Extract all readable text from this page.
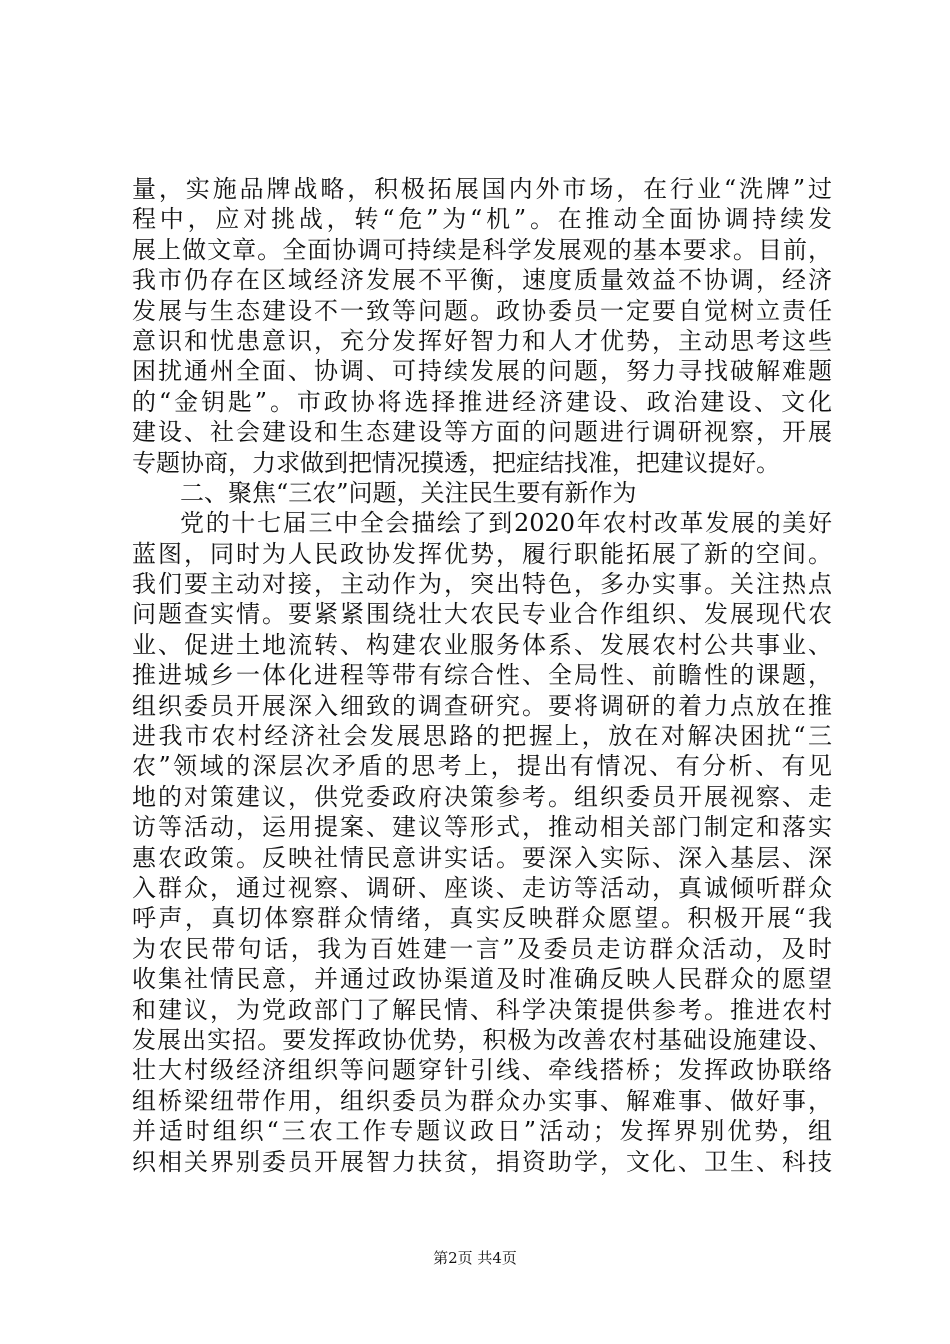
量，实施品牌战略，积极拓展国内外市场，在行业“洗牌”过
程中，应对挑战，转“危”为“机”。在推动全面协调持续发
展上做文章。全面协调可持续是科学发展观的基本要求。目前，
我市仍存在区域经济发展不平衡，速度质量效益不协调，经济
发展与生态建设不一致等问题。政协委员一定要自觉树立责任
意识和忧患意识，充分发挥好智力和人才优势，主动思考这些
困扰通州全面、协调、可持续发展的问题，努力寻找破解难题
的“金钥匙”。市政协将选择推进经济建设、政治建设、文化
建设、社会建设和生态建设等方面的问题进行调研视察，开展
专题协商，力求做到把情况摸透，把症结找准，把建议提好。
二、聚焦“三农”问题，关注民生要有新作为
党的十七届三中全会描绘了到2020年农村改革发展的美好
蓝图，同时为人民政协发挥优势，履行职能拓展了新的空间。
我们要主动对接，主动作为，突出特色，多办实事。关注热点
问题查实情。要紧紧围绕壮大农民专业合作组织、发展现代农
业、促进土地流转、构建农业服务体系、发展农村公共事业、
推进城乡一体化进程等带有综合性、全局性、前瞻性的课题，
组织委员开展深入细致的调查研究。要将调研的着力点放在推
进我市农村经济社会发展思路的把握上，放在对解决困扰“三
农”领域的深层次矛盾的思考上，提出有情况、有分析、有见
地的对策建议，供党委政府决策参考。组织委员开展视察、走
访等活动，运用提案、建议等形式，推动相关部门制定和落实
惠农政策。反映社情民意讲实话。要深入实际、深入基层、深
入群众，通过视察、调研、座谈、走访等活动，真诚倾听群众
呼声，真切体察群众情绪，真实反映群众愿望。积极开展“我
为农民带句话，我为百姓建一言”及委员走访群众活动，及时
收集社情民意，并通过政协渠道及时准确反映人民群众的愿望
和建议，为党政部门了解民情、科学决策提供参考。推进农村
发展出实招。要发挥政协优势，积极为改善农村基础设施建设、
壮大村级经济组织等问题穿针引线、牵线搭桥；发挥政协联络
组桥梁纽带作用，组织委员为群众办实事、解难事、做好事，
并适时组织“三农工作专题议政日”活动；发挥界别优势，组
织相关界别委员开展智力扶贫，捐资助学，文化、卫生、科技
第2页 共4页
